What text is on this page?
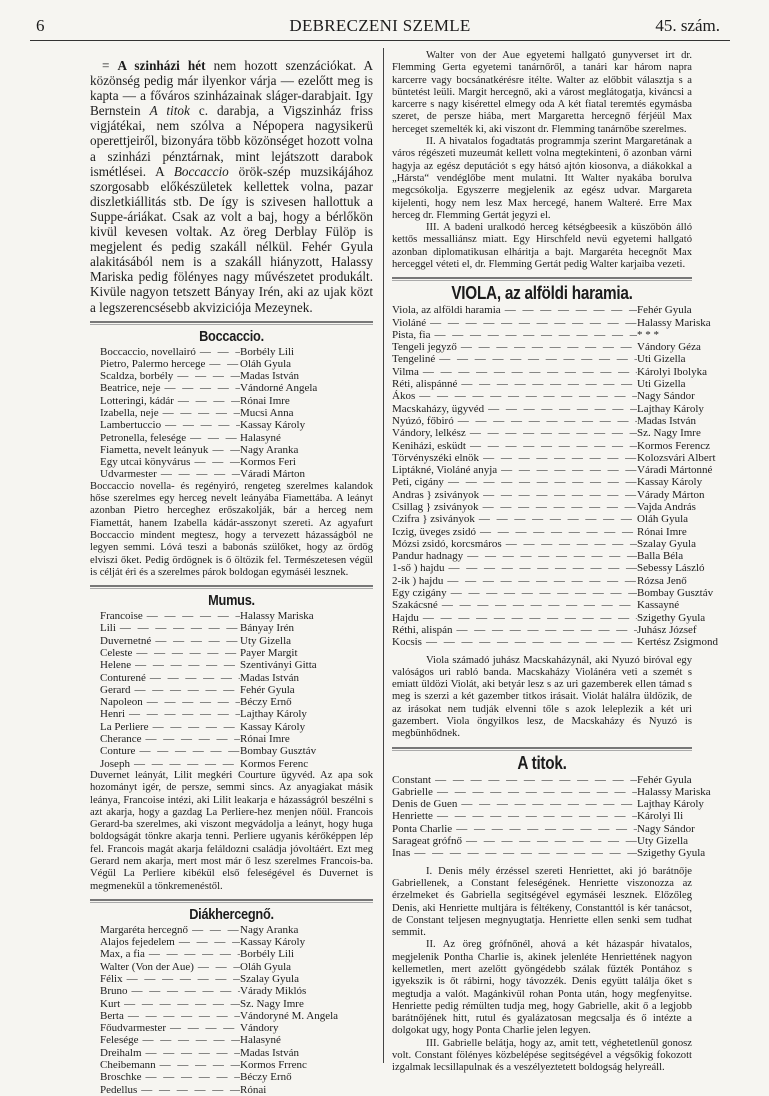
6	DEBRECZENI SZEMLE	45. szám.

= A szinházi hét nem hozott szenzációkat. A közönség pedig már ilyenkor várja — ezelőtt meg is kapta — a főváros szinházainak sláger-darabjait. Igy Bernstein A titok c. darabja, a Vigszinház friss vigjátékai, nem szólva a Népopera nagysikerü operettjeiről, bizonyára több közönséget hozott volna a szinházi pénztárnak, mint lejátszott darabok ismétlései. A Boccaccio örök-szép muzsikájához szorgosabb előkészületek kellettek volna, pazar diszletkiállitás stb. De így is szivesen hallottuk a Suppe-áriákat. Csak az volt a baj, hogy a bérlőkön kivül kevesen voltak. Az öreg Derblay Fülöp is megjelent és pedig szakáll nélkül. Fehér Gyula alakitásából nem is a szakáll hiányzott, Halassy Mariska pedig fölényes nagy művészetet produkált. Kivüle nagyon tetszett Bányay Irén, aki az ujak közt a legszerencsésebb akviziciója Mezeynek.

Boccaccio.
Boccaccio, novellairó — — —	Borbély Lili
Pietro, Palermo hercege — — —	Oláh Gyula
Scaldza, borbély — — —	Madas István
Beatrice, neje — — —	Vándorné Angela
Lotteringi, kádár — — —	Rónai Imre
Izabella, neje — — —	Mucsi Anna
Lambertuccio — — —	Kassay Károly
Petronella, felesége — — —	Halasyné
Fiametta, nevelt leányuk — — —	Nagy Aranka
Egy utcai könyvárus — — —	Kormos Feri
Udvarmester — — —	Váradi Márton

Boccaccio novella- és regényiró, rengeteg szerelmes kalandok hőse szerelmes egy herceg nevelt leányába Fiamettába. A leányt azonban Pietro herceghez erőszakolják, bár a herceg nem Fiamettát, hanem Izabella kádár-asszonyt szereti. Az agyafurt Boccaccio mindent megtesz, hogy a tervezett házasságból ne legyen semmi. Lóvá teszi a babonás szülőket, hogy az ördög elviszi őket. Pedig ördögnek is ő öltözik fel. Természetesen végül is célját éri és a szerelmes párok boldogan egymáséi lesznek.

Mumus.
Francoise — — —	Halassy Mariska
Lili — — —	Bányay Irén
Duvernetné — — —	Uty Gizella
Celeste — — —	Payer Margit
Helene — — —	Szentiványi Gitta
Conturené — — —	Madas István
Gerard — — —	Fehér Gyula
Napoleon — — —	Béczy Ernő
Henri — — —	Lajthay Károly
La Perliere — — —	Kassay Károly
Cherance — — —	Rónai Imre
Conture — — —	Bombay Gusztáv
Joseph — — —	Kormos Ferenc

Duvernet leányát, Lilit megkéri Courture ügyvéd. Az apa sok hozományt igér, de persze, semmi sincs. Az anyagiakat másik leánya, Francoise intézi, aki Lilit leakarja e házasságról beszélni s azt akarja, hogy a gazdag La Perliere-hez menjen nőül. Francois Gerard-ba szerelmes, aki viszont megvádolja a leányt, hogy huga boldogságát tönkre akarja tenni. Perliere ugyanis kérőképpen lép fel. Francois magát akarja feláldozni családja jóvoltáért. Ezt meg Gerard nem akarja, mert most már ő lesz szerelmes Francois-ba. Végül La Perliere kibékül első feleségével és Duvernet is megmenekül a tönkremenéstől.

Diákhercegnő.
Margaréta hercegnő — — —	Nagy Aranka
Alajos fejedelem — — —	Kassay Károly
Max, a fia — — —	Borbély Lili
Walter (Von der Aue) — — —	Oláh Gyula
Félix — — —	Szalay Gyula
Bruno — — —	Várady Miklós
Kurt — — —	Sz. Nagy Imre
Berta — — —	Vándoryné M. Angela
Főudvarmester — — —	Vándory
Felesége — — —	Halasyné
Dreihalm — — —	Madas István
Cheibemann — — —	Kormos Frrenc
Broschke — — —	Béczy Ernő
Pedellus — — —	Rónai

Walter von der Aue egyetemi hallgató gunyverset irt dr. Flemming Gerta egyetemi tanárnőről, a tanári kar három napra karcerre vagy bocsánatkérésre itélte. Walter az előbbit választja s a büntetést leüli. Margit hercegnő, aki a várost meglátogatja, kiváncsi a karcerre s nagy kisérettel elmegy oda A két fiatal teremtés egymásba szeret, de persze hiába, mert Margaretta hercegnő férjéül Max herceget szemelték ki, aki viszont dr. Flemming tanárnőbe szerelmes.

II. A hivatalos fogadtatás programmja szerint Margaretának a város régészeti muzeumát kellett volna megtekinteni, ő azonban várni hagyja az egész deputációt s egy hátsó ajtón kiosonva, a diákokkal a „Hársta“ vendéglőbe ment mulatni. Itt Walter nyakába borulva megcsókolja. Egyszerre megjelenik az egész udvar. Margareta kijelenti, hogy nem lesz Max hercegé, hanem Walteré. Erre Max herceg dr. Flemming Gertát jegyzi el.

III. A badeni uralkodó herceg kétségbeesik a küszöbön álló kettős messalliánsz miatt. Egy Hirschfeld nevü egyetemi hallgató azonban diplomatikusan elháritja a bajt. Margaréta hecegnőt Max herceggel véteti el, dr. Flemming Gertát pedig Walter karjaiba vezeti.

VIOLA, az alföldi haramia.
Viola, az alföldi haramia — — —	Fehér Gyula
Violáné — — —	Halassy Mariska
Pista, fia — — —	* * *
Tengeli jegyző — — —	Vándory Géza
Tengeliné — — —	Uti Gizella
Vilma — — —	Károlyi Ibolyka
Réti, alispánné — — —	Uti Gizella
Ákos — — —	Nagy Sándor
Macskaházy, ügyvéd — — —	Lajthay Károly
Nyúzó, főbiró — — —	Madas István
Vándory, lelkész — — —	Sz. Nagy Imre
Keniházi, esküdt — — —	Kormos Ferencz
Törvényszéki elnök — — —	Kolozsvári Albert
Liptákné, Violáné anyja — — —	Váradi Mártonné
Peti, cigány — — —	Kassay Károly
Andras } zsiványok — — —	Várady Márton
Csillag } zsiványok — — —	Vajda András
Czifra } zsiványok — — —	Oláh Gyula
Iczig, üveges zsidó — — —	Rónai Imre
Mózsi zsidó, korcsmáros — — —	Szalay Gyula
Pandur hadnagy — — —	Balla Béla
1-ső ) hajdu — — —	Sebessy László
2-ik ) hajdu — — —	Rózsa Jenő
Egy czigány — — —	Bombay Gusztáv
Szakácsné — — —	Kassayné
Hajdu — — —	Szigethy Gyula
Réthi, alispán — — —	Juhász József
Kocsis — — —	Kertész Zsigmond

Viola számadó juhász Macskaházynál, aki Nyuzó biróval egy valóságos uri rabló banda. Macskaházy Violánéra veti a szemét s emiatt üldözi Violát, aki betyár lesz s az uri gazemberek ellen támad s meg is szerzi a két gazember titkos irásait. Violát halálra üldözik, de az irásokat nem tudják elvenni tőle s azok leleplezik a két uri gazembert. Viola öngyilkos lesz, de Macskaházy és Nyuzó is megbünhődnek.

A titok.
Constant — — —	Fehér Gyula
Gabrielle — — —	Halassy Mariska
Denis de Guen — — —	Lajthay Károly
Henriette — — —	Károlyi Ili
Ponta Charlie — — —	Nagy Sándor
Sarageat grófnő — — —	Uty Gizella
Inas — — —	Szigethy Gyula

I. Denis mély érzéssel szereti Henriettet, aki jó barátnője Gabriellenek, a Constant feleségének. Henriette viszonozza az érzelmeket és Gabriella segitségével egymáséi lesznek. Előzőleg Denis, aki Henriette multjára is féltékeny, Constanttól is kér tanácsot, de Constant teljesen megnyugtatja. Henriette ellen senki sem tudhat semmit.

II. Az öreg grófnőnél, ahová a két házaspár hivatalos, megjelenik Pontha Charlie is, akinek jelenléte Henriettének nagyon kellemetlen, mert azelőtt gyöngédebb szálak fűzték Pontához s igyekszik is őt rábirni, hogy távozzék. Denis együtt találja őket s megtudja a valót. Magánkivül rohan Ponta után, hogy megfenyitse. Henriette pedig rémülten tudja meg, hogy Gabrielle, akit ő a legjobb barátnőjének hitt, rutul és gyalázatosan megcsalja és ő intézte a dolgokat ugy, hogy Ponta Charlie jelen legyen.

III. Gabrielle belátja, hogy az, amit tett, véghetetlenül gonosz volt. Constant fölényes közbelépése segitségével a végsőkig fokozott izgalmak lecsillapulnak és a veszélyeztetett boldogság helyreáll.
